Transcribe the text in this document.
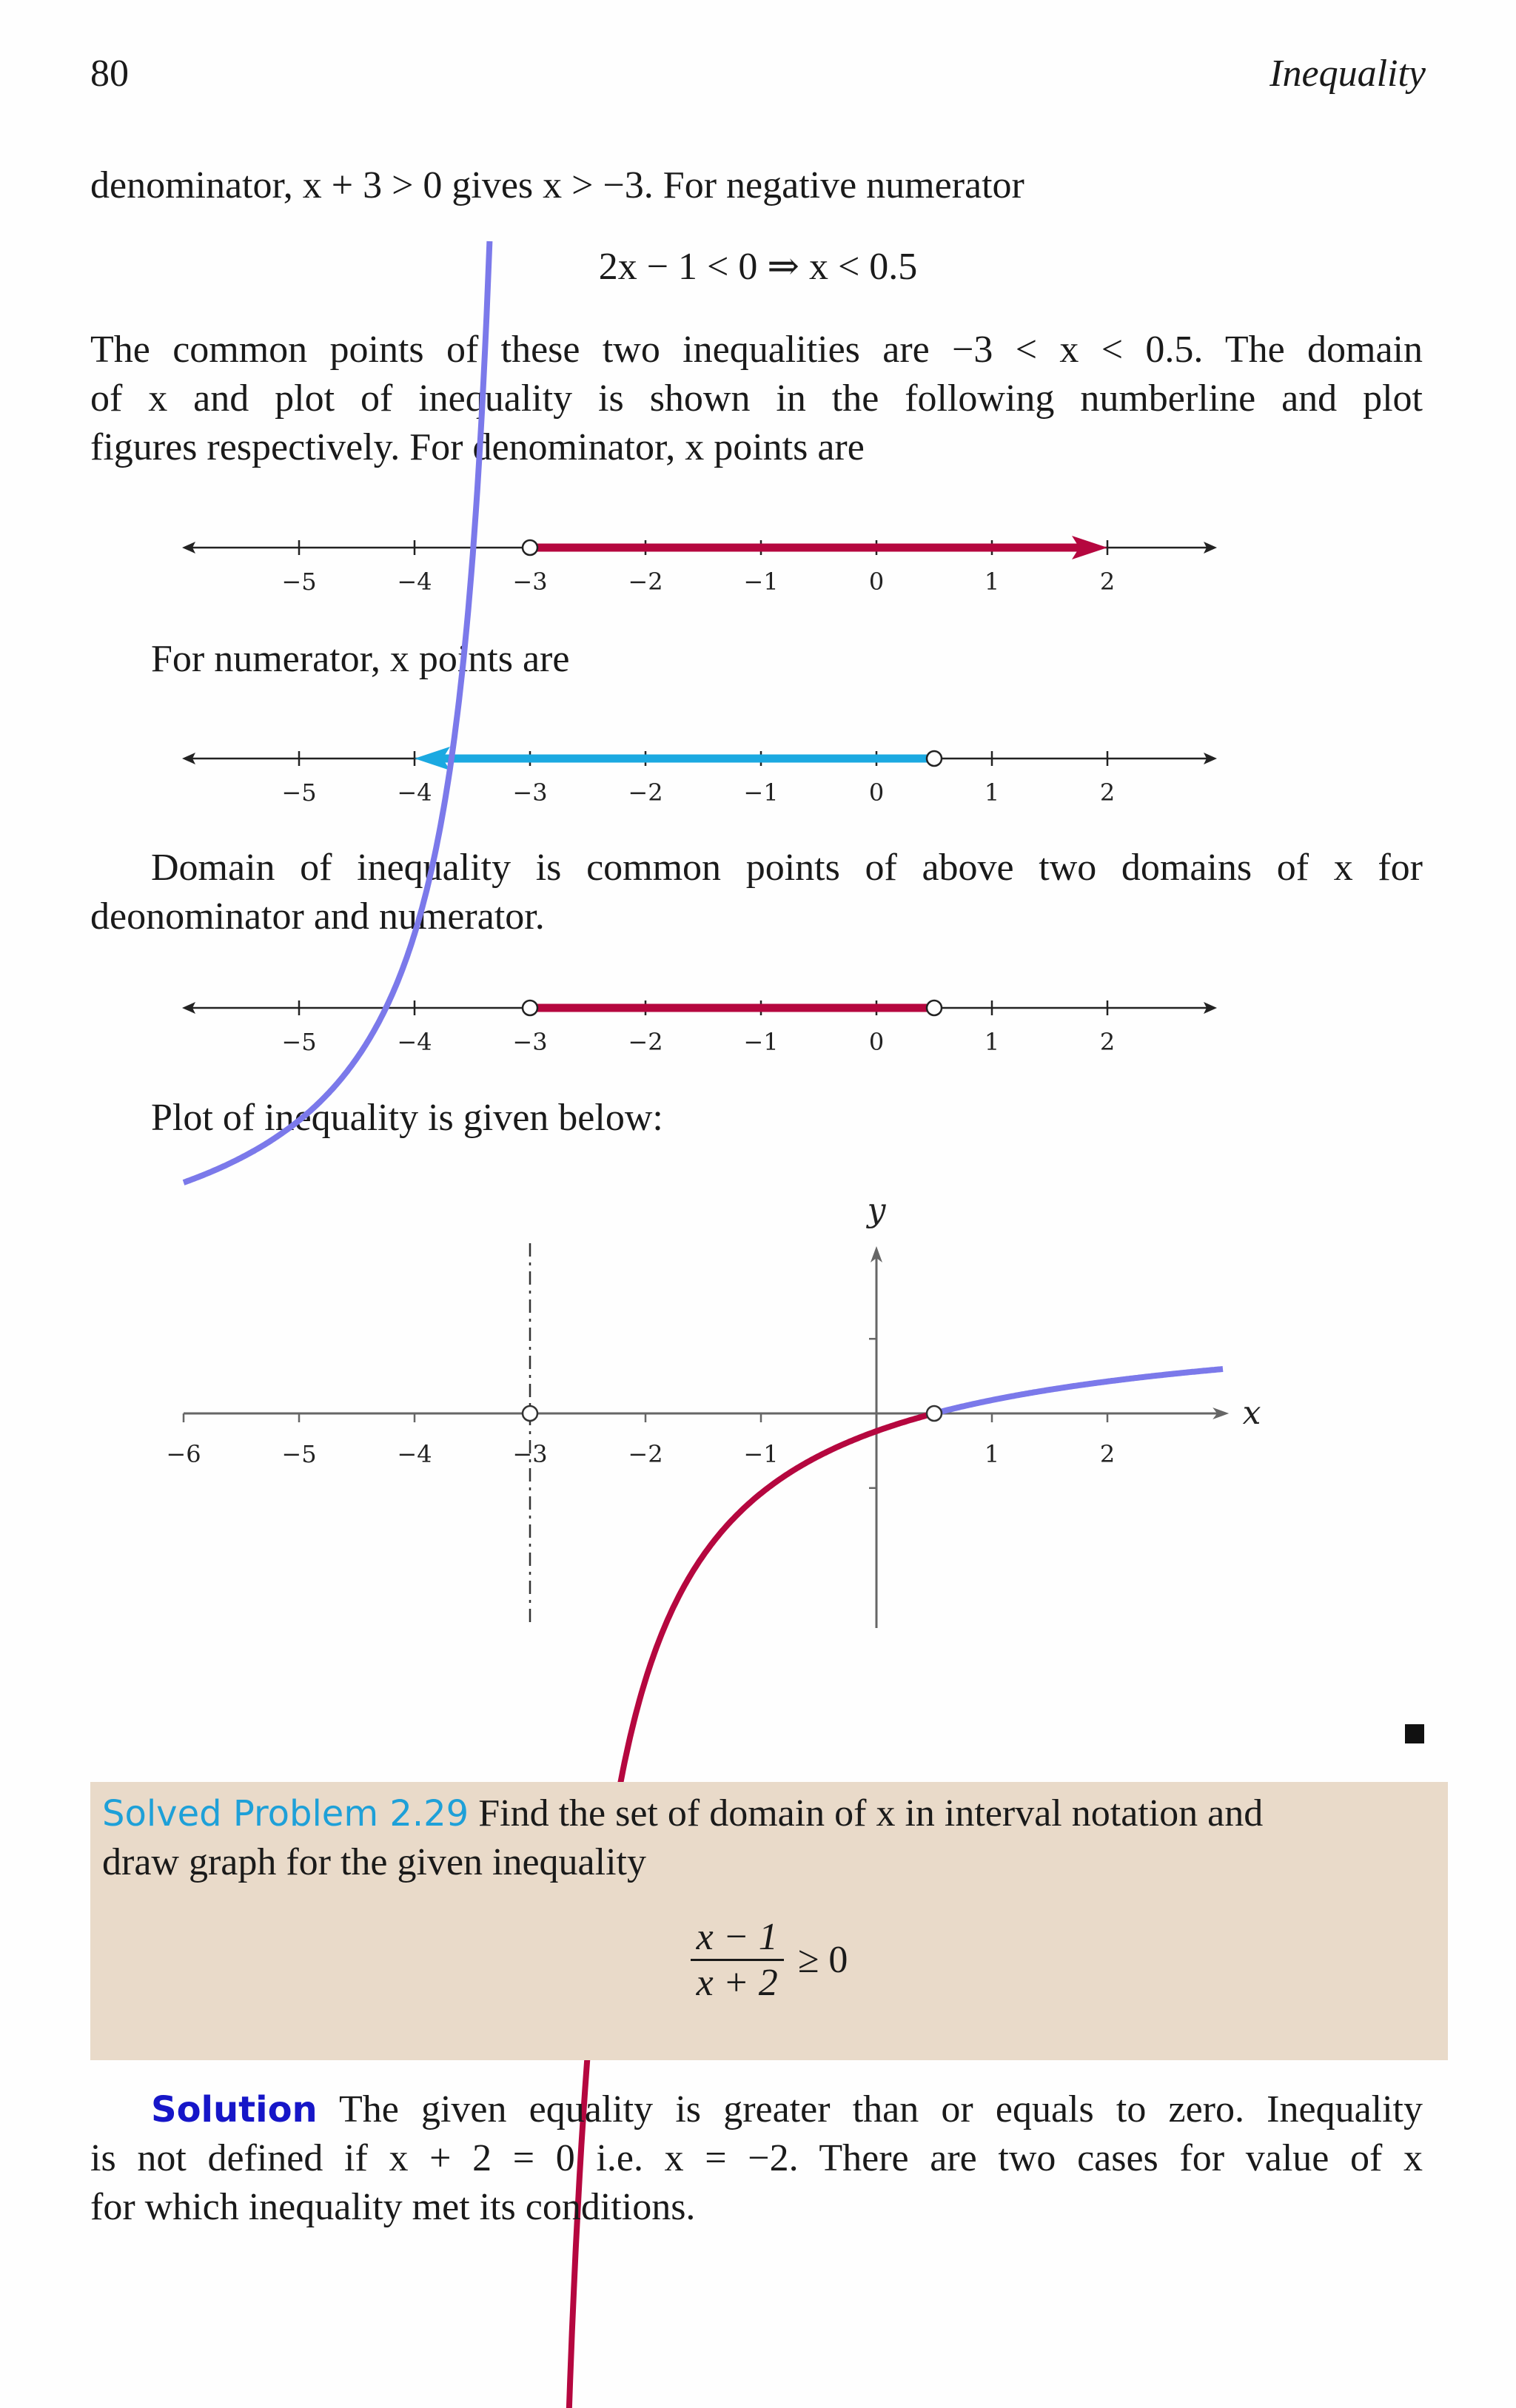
80	Inequality
denominator, x + 3 > 0 gives x > −3. For negative numerator
2x − 1 < 0 ⇒ x < 0.5
The common points of these two inequalities are −3 < x < 0.5. The domain
of x and plot of inequality is shown in the following numberline and plot
figures respectively. For denominator, x points are
−5	−4	−3	−2	−1	0	1	2
For numerator, x points are
−5	−4	−3	−2	−1	0	1	2
Domain of inequality is common points of above two domains of x for
deonominator and numerator.
−5	−4	−3	−2	−1	0	1	2
Plot of inequality is given below:
y
x
−6	−5	−4	−3	−2	−1	1	2
Solved Problem 2.29 Find the set of domain of x in interval notation and
draw graph for the given inequality
$\frac{x - 1}{x + 2} \ge 0$
Solution The given equality is greater than or equals to zero. Inequality
is not defined if x + 2 = 0 i.e. x = −2. There are two cases for value of x
for which inequality met its conditions.
